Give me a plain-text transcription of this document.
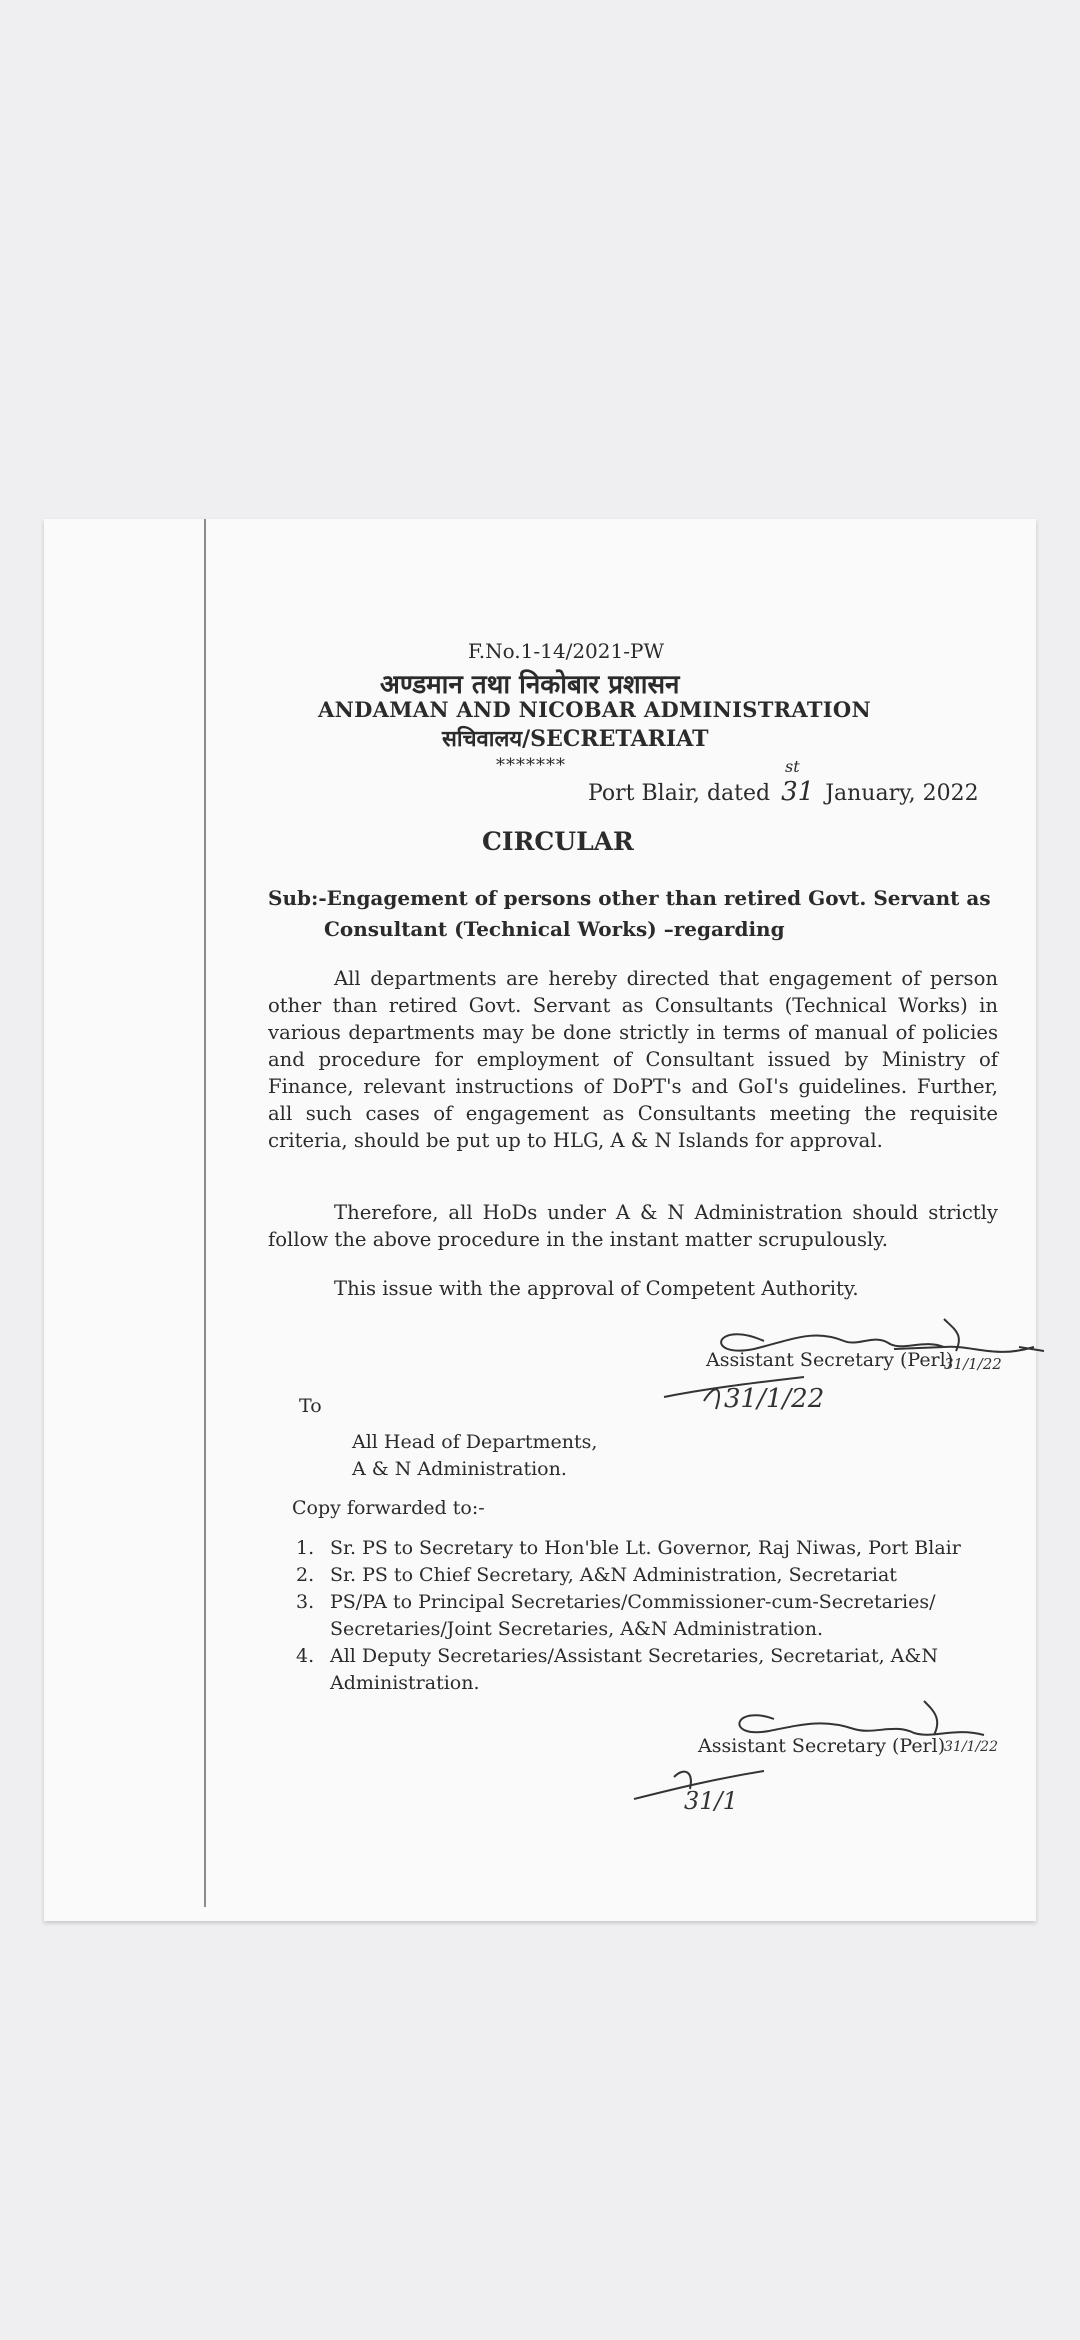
F.No.1-14/2021-PW
अण्डमान तथा निकोबार प्रशासन
ANDAMAN AND NICOBAR ADMINISTRATION
सचिवालय/SECRETARIAT
*******	st
Port Blair, dated 31 January, 2022
CIRCULAR
Sub:-Engagement of persons other than retired Govt. Servant as
Consultant (Technical Works) –regarding
All departments are hereby directed that engagement of person other than retired Govt. Servant as Consultants (Technical Works) in various departments may be done strictly in terms of manual of policies and procedure for employment of Consultant issued by Ministry of Finance, relevant instructions of DoPT's and GoI's guidelines. Further, all such cases of engagement as Consultants meeting the requisite criteria, should be put up to HLG, A & N Islands for approval.
Therefore, all HoDs under A & N Administration should strictly follow the above procedure in the instant matter scrupulously.
This issue with the approval of Competent Authority.
31/1/22
31/1/22
Assistant Secretary (Perl)
To
All Head of Departments,
A & N Administration.
Copy forwarded to:-
1. Sr. PS to Secretary to Hon'ble Lt. Governor, Raj Niwas, Port Blair
2. Sr. PS to Chief Secretary, A&N Administration, Secretariat
3. PS/PA to Principal Secretaries/Commissioner-cum-Secretaries/ Secretaries/Joint Secretaries, A&N Administration.
4. All Deputy Secretaries/Assistant Secretaries, Secretariat, A&N Administration.
31/1/22
31/1
Assistant Secretary (Perl)
